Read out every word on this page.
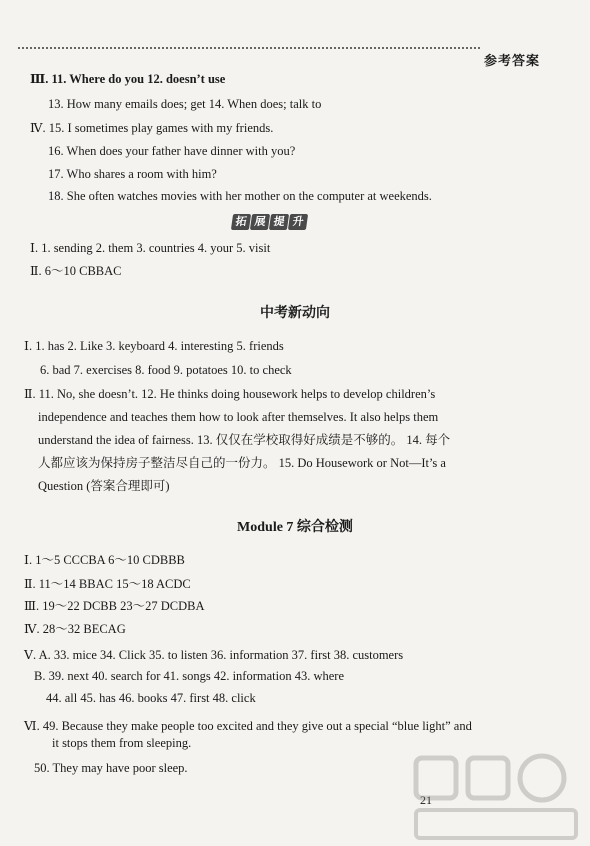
参考答案
Ⅲ. 11. Where do you 12. doesn’t use
13. How many emails does; get 14. When does; talk to
Ⅳ. 15. I sometimes play games with my friends.
16. When does your father have dinner with you?
17. Who shares a room with him?
18. She often watches movies with her mother on the computer at weekends.
拓 展 提 升
Ⅰ. 1. sending 2. them 3. countries 4. your 5. visit
Ⅱ. 6～10 CBBAC
中考新动向
Ⅰ. 1. has 2. Like 3. keyboard 4. interesting 5. friends
6. bad 7. exercises 8. food 9. potatoes 10. to check
Ⅱ. 11. No, she doesn’t. 12. He thinks doing housework helps to develop children’s
independence and teaches them how to look after themselves. It also helps them
understand the idea of fairness. 13. 仅仅在学校取得好成绩是不够的。 14. 每个
人都应该为保持房子整洁尽自己的一份力。 15. Do Housework or Not—It’s a
Question (答案合理即可)
Module 7 综合检测
Ⅰ. 1～5 CCCBA 6～10 CDBBB
Ⅱ. 11～14 BBAC 15～18 ACDC
Ⅲ. 19～22 DCBB 23～27 DCDBA
Ⅳ. 28～32 BECAG
Ⅴ. A. 33. mice 34. Click 35. to listen 36. information 37. first 38. customers
B. 39. next 40. search for 41. songs 42. information 43. where
44. all 45. has 46. books 47. first 48. click
Ⅵ. 49. Because they make people too excited and they give out a special “blue light” and
it stops them from sleeping.
50. They may have poor sleep.
21
